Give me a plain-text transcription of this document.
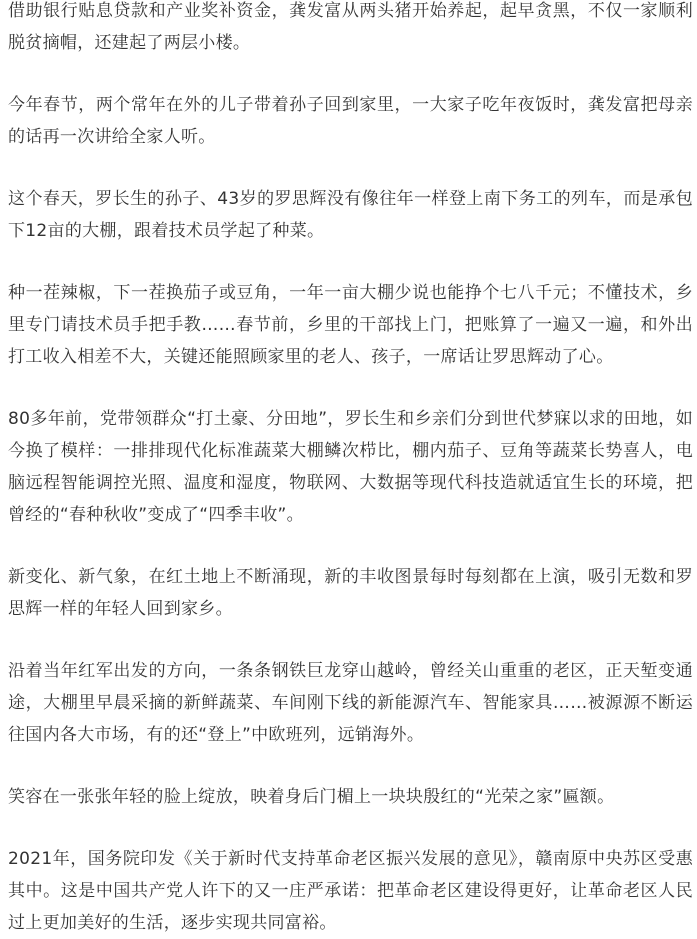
借助银行贴息贷款和产业奖补资金，龚发富从两头猪开始养起，起早贪黑，不仅一家顺利脱贫摘帽，还建起了两层小楼。

今年春节，两个常年在外的儿子带着孙子回到家里，一大家子吃年夜饭时，龚发富把母亲的话再一次讲给全家人听。

这个春天，罗长生的孙子、43岁的罗思辉没有像往年一样登上南下务工的列车，而是承包下12亩的大棚，跟着技术员学起了种菜。

种一茬辣椒，下一茬换茄子或豆角，一年一亩大棚少说也能挣个七八千元；不懂技术，乡里专门请技术员手把手教……春节前，乡里的干部找上门，把账算了一遍又一遍，和外出打工收入相差不大，关键还能照顾家里的老人、孩子，一席话让罗思辉动了心。

80多年前，党带领群众“打土豪、分田地”，罗长生和乡亲们分到世代梦寐以求的田地，如今换了模样：一排排现代化标准蔬菜大棚鳞次栉比，棚内茄子、豆角等蔬菜长势喜人，电脑远程智能调控光照、温度和湿度，物联网、大数据等现代科技造就适宜生长的环境，把曾经的“春种秋收”变成了“四季丰收”。

新变化、新气象，在红土地上不断涌现，新的丰收图景每时每刻都在上演，吸引无数和罗思辉一样的年轻人回到家乡。

沿着当年红军出发的方向，一条条钢铁巨龙穿山越岭，曾经关山重重的老区，正天堑变通途，大棚里早晨采摘的新鲜蔬菜、车间刚下线的新能源汽车、智能家具……被源源不断运往国内各大市场，有的还“登上”中欧班列，远销海外。

笑容在一张张年轻的脸上绽放，映着身后门楣上一块块殷红的“光荣之家”匾额。

2021年，国务院印发《关于新时代支持革命老区振兴发展的意见》，赣南原中央苏区受惠其中。这是中国共产党人许下的又一庄严承诺：把革命老区建设得更好，让革命老区人民过上更加美好的生活，逐步实现共同富裕。
